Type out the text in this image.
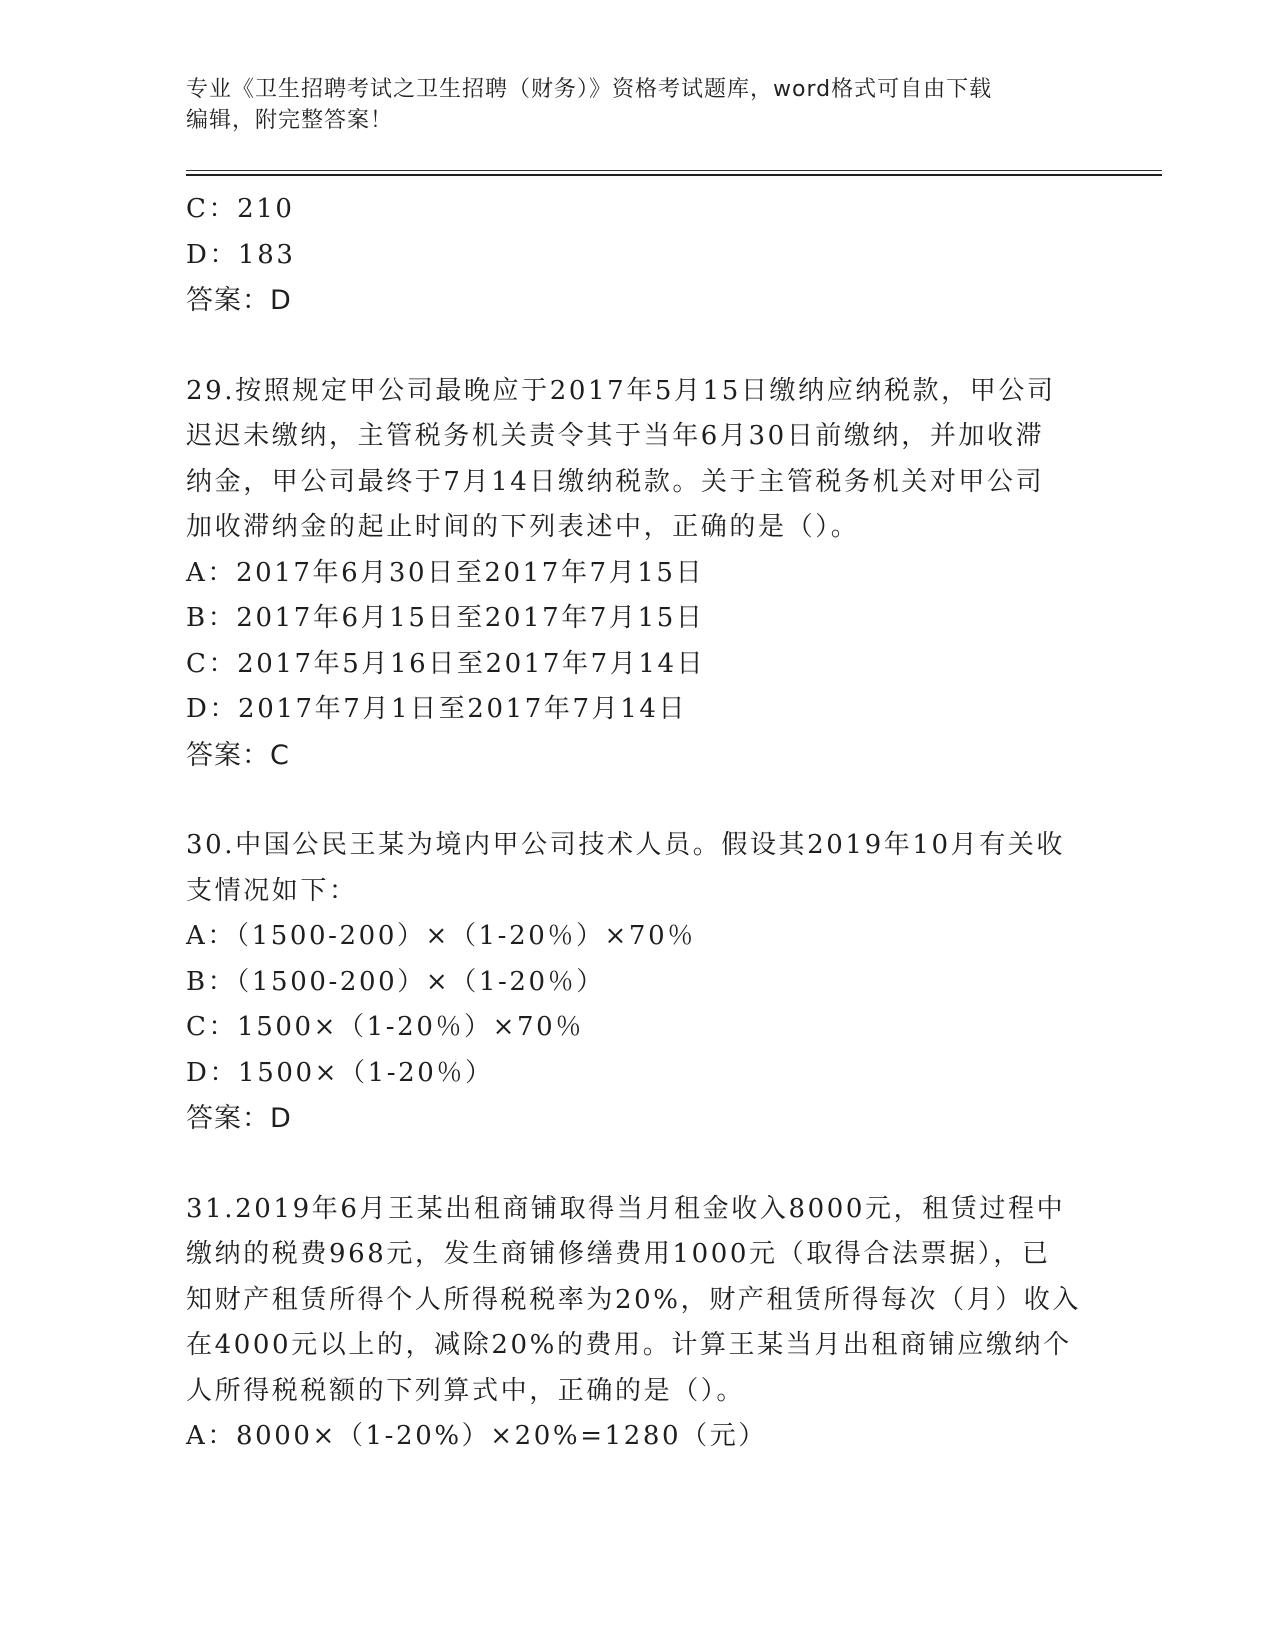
专业《卫生招聘考试之卫生招聘（财务）》资格考试题库，word格式可自由下载
编辑，附完整答案！
C：210
D：183
答案：D
29.按照规定甲公司最晚应于2017年5月15日缴纳应纳税款，甲公司
迟迟未缴纳，主管税务机关责令其于当年6月30日前缴纳，并加收滞
纳金，甲公司最终于7月14日缴纳税款。关于主管税务机关对甲公司
加收滞纳金的起止时间的下列表述中，正确的是（）。
A：2017年6月30日至2017年7月15日
B：2017年6月15日至2017年7月15日
C：2017年5月16日至2017年7月14日
D：2017年7月1日至2017年7月14日
答案：C
30.中国公民王某为境内甲公司技术人员。假设其2019年10月有关收
支情况如下：
A：（1500-200）×（1-20％）×70％
B：（1500-200）×（1-20％）
C：1500×（1-20％）×70％
D：1500×（1-20％）
答案：D
31.2019年6月王某出租商铺取得当月租金收入8000元，租赁过程中
缴纳的税费968元，发生商铺修缮费用1000元（取得合法票据），已
知财产租赁所得个人所得税税率为20%，财产租赁所得每次（月）收入
在4000元以上的，减除20%的费用。计算王某当月出租商铺应缴纳个
人所得税税额的下列算式中，正确的是（）。
A：8000×（1-20%）×20%=1280（元）
